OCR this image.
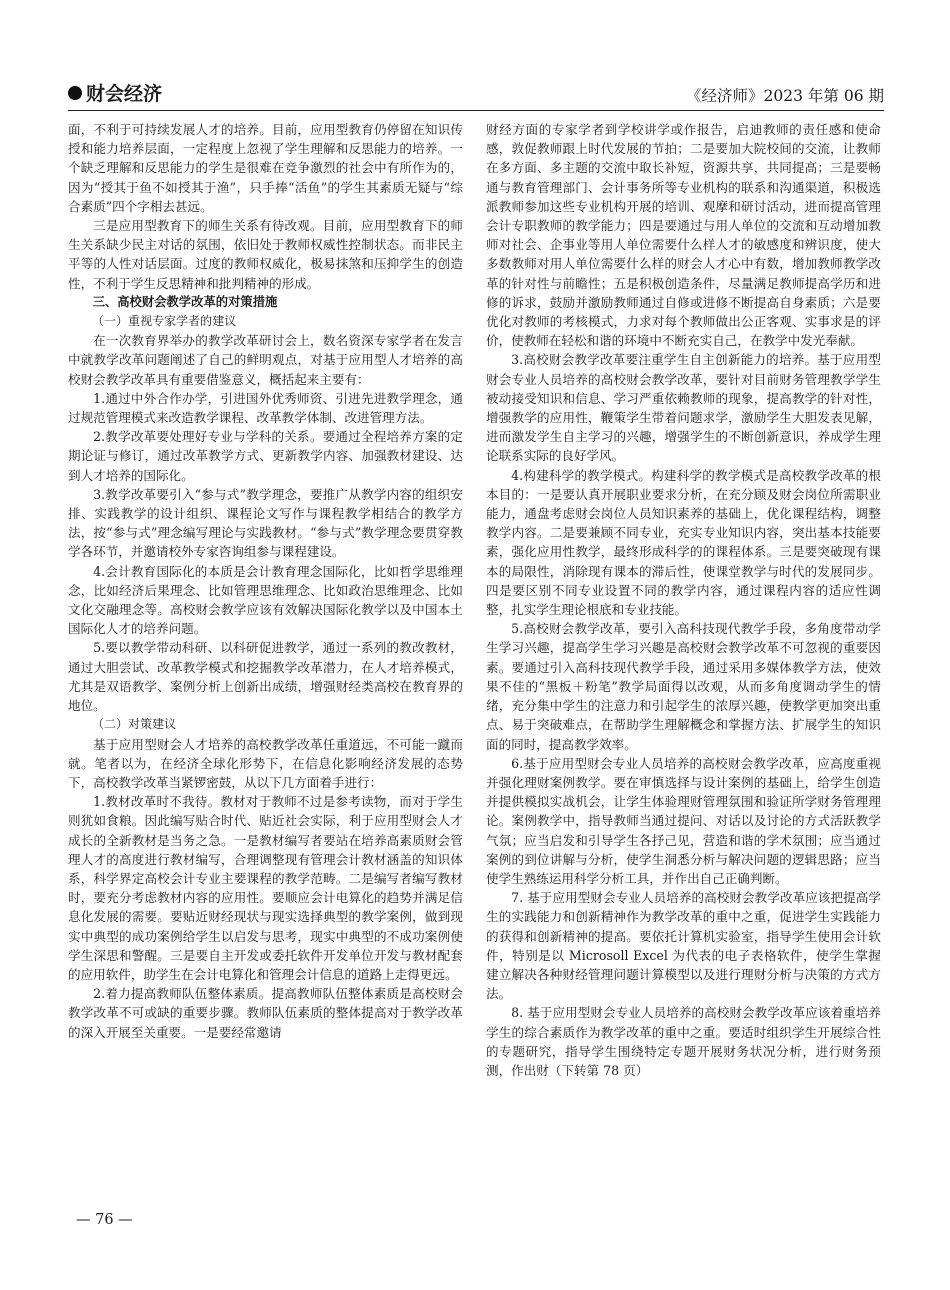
财会经济	《经济师》2023 年第 06 期

面，不利于可持续发展人才的培养。目前，应用型教育仍停留在知识传授和能力培养层面，一定程度上忽视了学生理解和反思能力的培养。一个缺乏理解和反思能力的学生是很难在竞争激烈的社会中有所作为的，因为“授其于鱼不如授其于渔”，只手捧“活鱼”的学生其素质无疑与“综合素质”四个字相去甚远。

三是应用型教育下的师生关系有待改观。目前，应用型教育下的师生关系缺少民主对话的氛围，依旧处于教师权威性控制状态。而非民主平等的人性对话层面。过度的教师权威化，极易抹煞和压抑学生的创造性，不利于学生反思精神和批判精神的形成。

三、高校财会教学改革的对策措施

（一）重视专家学者的建议

在一次教育界举办的教学改革研讨会上，数名资深专家学者在发言中就教学改革问题阐述了自己的鲜明观点，对基于应用型人才培养的高校财会教学改革具有重要借鉴意义，概括起来主要有：

1.通过中外合作办学，引进国外优秀师资、引进先进教学理念，通过规范管理模式来改造教学课程、改革教学体制、改进管理方法。

2.教学改革要处理好专业与学科的关系。要通过全程培养方案的定期论证与修订，通过改革教学方式、更新教学内容、加强教材建设、达到人才培养的国际化。

3.教学改革要引入“参与式”教学理念，要推广从教学内容的组织安排、实践教学的设计组织、课程论文写作与课程教学相结合的教学方法，按“参与式”理念编写理论与实践教材。“参与式”教学理念要贯穿教学各环节，并邀请校外专家咨询组参与课程建设。

4.会计教育国际化的本质是会计教育理念国际化，比如哲学思维理念，比如经济后果理念、比如管理思维理念、比如政治思维理念、比如文化交融理念等。高校财会教学应该有效解决国际化教学以及中国本土国际化人才的培养问题。

5.要以教学带动科研、以科研促进教学，通过一系列的教改教材，通过大胆尝试、改革教学模式和挖掘教学改革潜力，在人才培养模式，尤其是双语教学、案例分析上创新出成绩，增强财经类高校在教育界的地位。

（二）对策建议

基于应用型财会人才培养的高校教学改革任重道远，不可能一蹴而就。笔者以为，在经济全球化形势下，在信息化影响经济发展的态势下，高校教学改革当紧锣密鼓，从以下几方面着手进行：

1.教材改革时不我待。教材对于教师不过是参考读物，而对于学生则犹如食粮。因此编写贴合时代、贴近社会实际，利于应用型财会人才成长的全新教材是当务之急。一是教材编写者要站在培养高素质财会管理人才的高度进行教材编写，合理调整现有管理会计教材涵盖的知识体系，科学界定高校会计专业主要课程的教学范畴。二是编写者编写教材时，要充分考虑教材内容的应用性。要顺应会计电算化的趋势并满足信息化发展的需要。要贴近财经现状与现实选择典型的教学案例，做到现实中典型的成功案例给学生以启发与思考，现实中典型的不成功案例使学生深思和警醒。三是要自主开发或委托软件开发单位开发与教材配套的应用软件，助学生在会计电算化和管理会计信息的道路上走得更远。

2.着力提高教师队伍整体素质。提高教师队伍整体素质是高校财会教学改革不可或缺的重要步骤。教师队伍素质的整体提高对于教学改革的深入开展至关重要。一是要经常邀请

财经方面的专家学者到学校讲学或作报告，启迪教师的责任感和使命感，敦促教师跟上时代发展的节拍；二是要加大院校间的交流，让教师在多方面、多主题的交流中取长补短，资源共享，共同提高；三是要畅通与教育管理部门、会计事务所等专业机构的联系和沟通渠道，积极选派教师参加这些专业机构开展的培训、观摩和研讨活动，进而提高管理会计专职教师的教学能力；四是要通过与用人单位的交流和互动增加教师对社会、企事业等用人单位需要什么样人才的敏感度和辨识度，使大多数教师对用人单位需要什么样的财会人才心中有数，增加教师教学改革的针对性与前瞻性；五是积极创造条件，尽量满足教师提高学历和进修的诉求，鼓励并激励教师通过自修或进修不断提高自身素质；六是要优化对教师的考核模式，力求对每个教师做出公正客观、实事求是的评价，使教师在轻松和谐的环境中不断充实自己，在教学中发光奉献。

3.高校财会教学改革要注重学生自主创新能力的培养。基于应用型财会专业人员培养的高校财会教学改革，要针对目前财务管理教学学生被动接受知识和信息、学习严重依赖教师的现象，提高教学的针对性，增强教学的应用性，鞭策学生带着问题求学，激励学生大胆发表见解，进而激发学生自主学习的兴趣，增强学生的不断创新意识，养成学生理论联系实际的良好学风。

4.构建科学的教学模式。构建科学的教学模式是高校教学改革的根本目的：一是要认真开展职业要求分析，在充分顾及财会岗位所需职业能力，通盘考虑财会岗位人员知识素养的基础上，优化课程结构，调整教学内容。二是要兼顾不同专业，充实专业知识内容，突出基本技能要素，强化应用性教学，最终形成科学的的课程体系。三是要突破现有课本的局限性，消除现有课本的滞后性，使课堂教学与时代的发展同步。四是要区别不同专业设置不同的教学内容，通过课程内容的适应性调整，扎实学生理论根底和专业技能。

5.高校财会教学改革，要引入高科技现代教学手段，多角度带动学生学习兴趣，提高学生学习兴趣是高校财会教学改革不可忽视的重要因素。要通过引入高科技现代教学手段，通过采用多媒体教学方法，使效果不佳的“黑板＋粉笔”教学局面得以改观，从而多角度调动学生的情绪，充分集中学生的注意力和引起学生的浓厚兴趣，使教学更加突出重点、易于突破难点，在帮助学生理解概念和掌握方法、扩展学生的知识面的同时，提高教学效率。

6.基于应用型财会专业人员培养的高校财会教学改革，应高度重视并强化理财案例教学。要在审慎选择与设计案例的基础上，给学生创造并提供模拟实战机会，让学生体验理财管理氛围和验证所学财务管理理论。案例教学中，指导教师当通过提问、对话以及讨论的方式活跃教学气氛；应当启发和引导学生各抒己见，营造和谐的学术氛围；应当通过案例的到位讲解与分析，使学生洞悉分析与解决问题的逻辑思路；应当使学生熟练运用科学分析工具，并作出自己正确判断。

7. 基于应用型财会专业人员培养的高校财会教学改革应该把提高学生的实践能力和创新精神作为教学改革的重中之重，促进学生实践能力的获得和创新精神的提高。要依托计算机实验室，指导学生使用会计软件，特别是以 Microsoll Excel 为代表的电子表格软件，使学生掌握建立解决各种财经管理问题计算模型以及进行理财分析与决策的方式方法。

8. 基于应用型财会专业人员培养的高校财会教学改革应该着重培养学生的综合素质作为教学改革的重中之重。要适时组织学生开展综合性的专题研究，指导学生围绕特定专题开展财务状况分析，进行财务预测，作出财（下转第 78 页）

— 76 —
